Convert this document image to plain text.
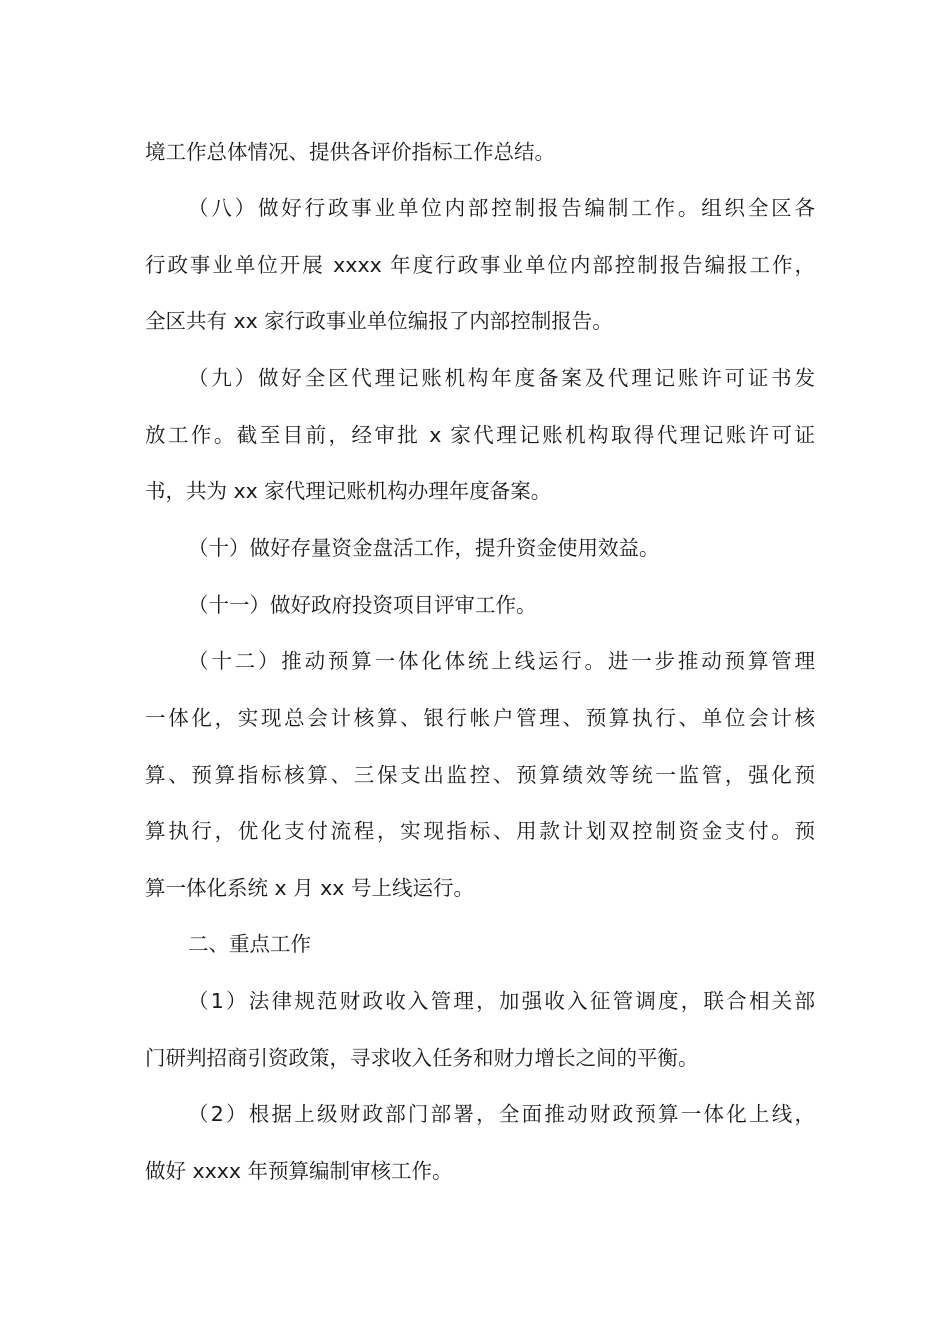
境工作总体情况、提供各评价指标工作总结。
（八）做好行政事业单位内部控制报告编制工作。组织全区各
行政事业单位开展 xxxx 年度行政事业单位内部控制报告编报工作，
全区共有 xx 家行政事业单位编报了内部控制报告。
（九）做好全区代理记账机构年度备案及代理记账许可证书发
放工作。截至目前，经审批 x 家代理记账机构取得代理记账许可证
书，共为 xx 家代理记账机构办理年度备案。
（十）做好存量资金盘活工作，提升资金使用效益。
（十一）做好政府投资项目评审工作。
（十二）推动预算一体化体统上线运行。进一步推动预算管理
一体化，实现总会计核算、银行帐户管理、预算执行、单位会计核
算、预算指标核算、三保支出监控、预算绩效等统一监管，强化预
算执行，优化支付流程，实现指标、用款计划双控制资金支付。预
算一体化系统 x 月 xx 号上线运行。
二、重点工作
（1）法律规范财政收入管理，加强收入征管调度，联合相关部
门研判招商引资政策，寻求收入任务和财力增长之间的平衡。
（2）根据上级财政部门部署，全面推动财政预算一体化上线，
做好 xxxx 年预算编制审核工作。
